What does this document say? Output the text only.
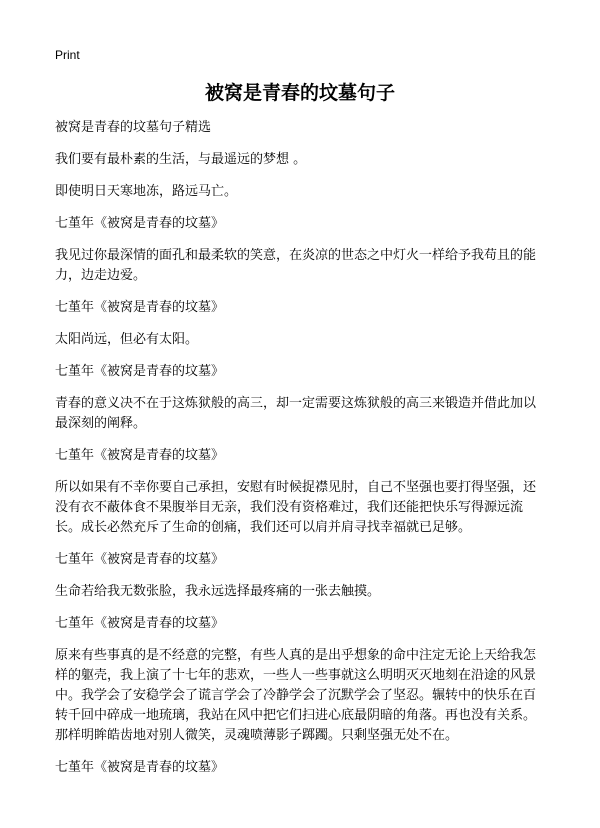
Print
被窝是青春的坟墓句子

被窝是青春的坟墓句子精选

我们要有最朴素的生活，与最遥远的梦想 。

即使明日天寒地冻，路远马亡。

七堇年《被窝是青春的坟墓》

我见过你最深情的面孔和最柔软的笑意，在炎凉的世态之中灯火一样给予我苟且的能力，边走边爱。

七堇年《被窝是青春的坟墓》

太阳尚远，但必有太阳。

七堇年《被窝是青春的坟墓》

青春的意义决不在于这炼狱般的高三，却一定需要这炼狱般的高三来锻造并借此加以最深刻的阐释。

七堇年《被窝是青春的坟墓》

所以如果有不幸你要自己承担，安慰有时候捉襟见肘，自己不坚强也要打得坚强，还没有衣不蔽体食不果腹举目无亲，我们没有资格难过，我们还能把快乐写得源远流长。成长必然充斥了生命的创痛，我们还可以肩并肩寻找幸福就已足够。

七堇年《被窝是青春的坟墓》

生命若给我无数张脸，我永远选择最疼痛的一张去触摸。

七堇年《被窝是青春的坟墓》

原来有些事真的是不经意的完整，有些人真的是出乎想象的命中注定无论上天给我怎样的躯壳，我上演了十七年的悲欢，一些人一些事就这么明明灭灭地刻在沿途的风景中。我学会了安稳学会了谎言学会了冷静学会了沉默学会了坚忍。辗转中的快乐在百转千回中碎成一地琉璃，我站在风中把它们扫进心底最阴暗的角落。再也没有关系。那样明眸皓齿地对别人微笑，灵魂喷薄影子踯躅。只剩坚强无处不在。

七堇年《被窝是青春的坟墓》
